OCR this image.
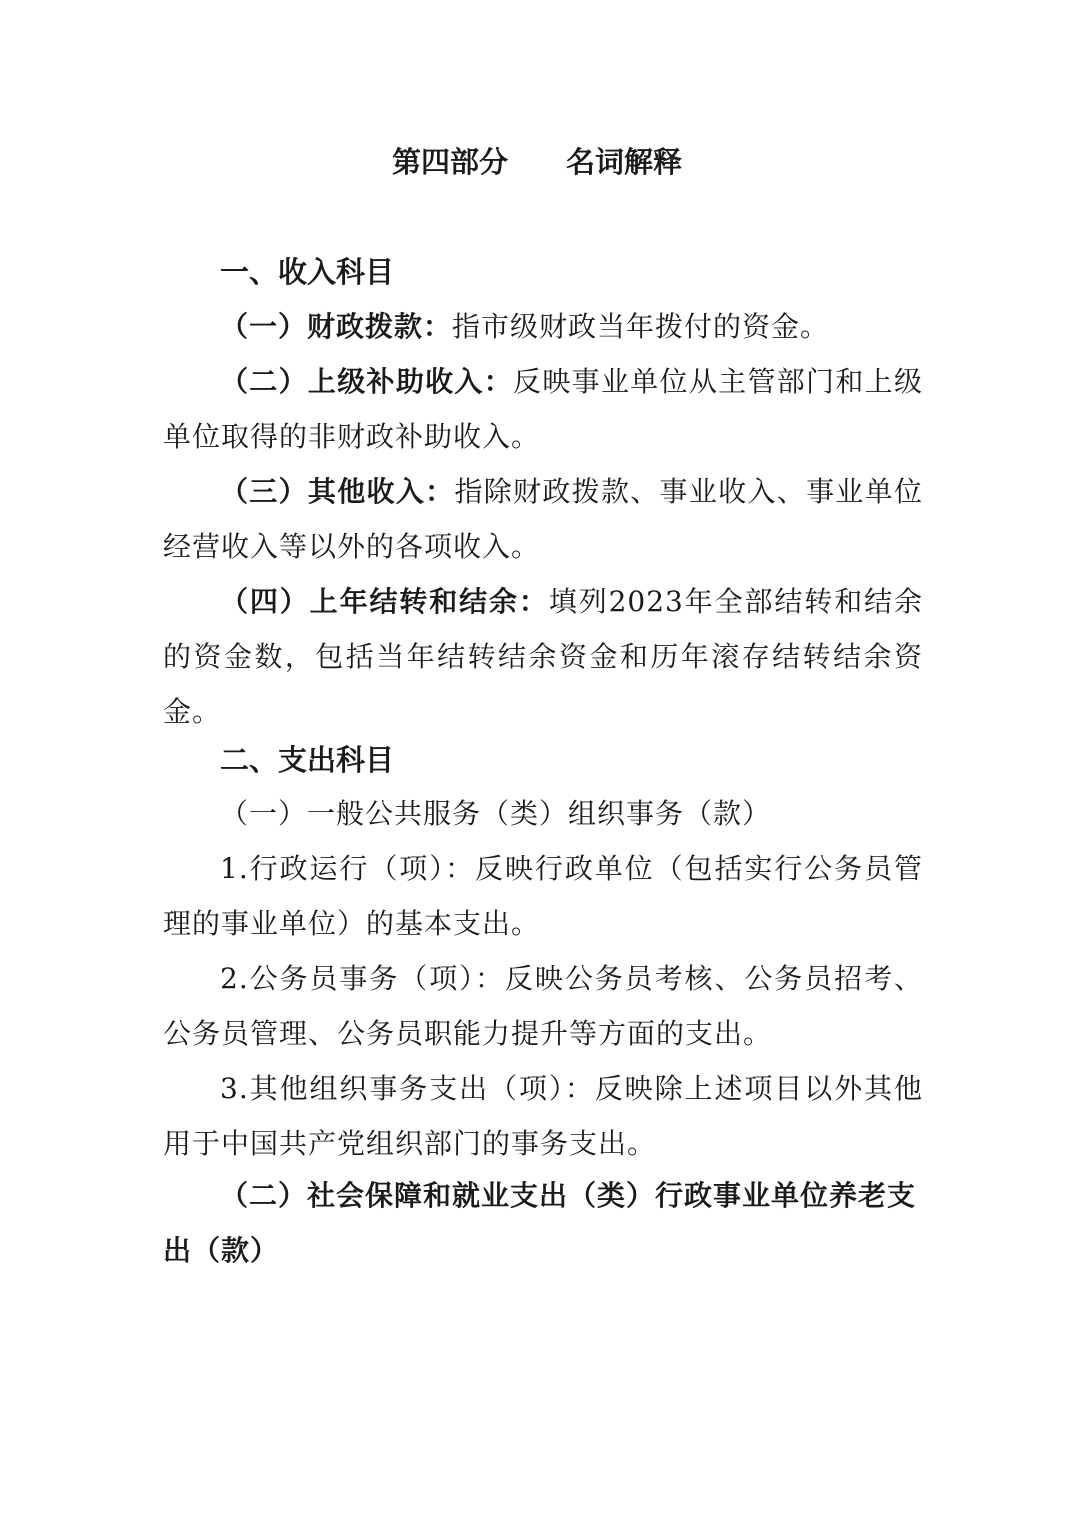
第四部分　　名词解释
一、收入科目
（一）财政拨款：指市级财政当年拨付的资金。
（二）上级补助收入：反映事业单位从主管部门和上级单位取得的非财政补助收入。
（三）其他收入：指除财政拨款、事业收入、事业单位经营收入等以外的各项收入。
（四）上年结转和结余：填列2023年全部结转和结余的资金数，包括当年结转结余资金和历年滚存结转结余资金。
二、支出科目
（一）一般公共服务（类）组织事务（款）
1.行政运行（项）：反映行政单位（包括实行公务员管理的事业单位）的基本支出。
2.公务员事务（项）：反映公务员考核、公务员招考、公务员管理、公务员职能力提升等方面的支出。
3.其他组织事务支出（项）：反映除上述项目以外其他用于中国共产党组织部门的事务支出。
（二）社会保障和就业支出（类）行政事业单位养老支出（款）
